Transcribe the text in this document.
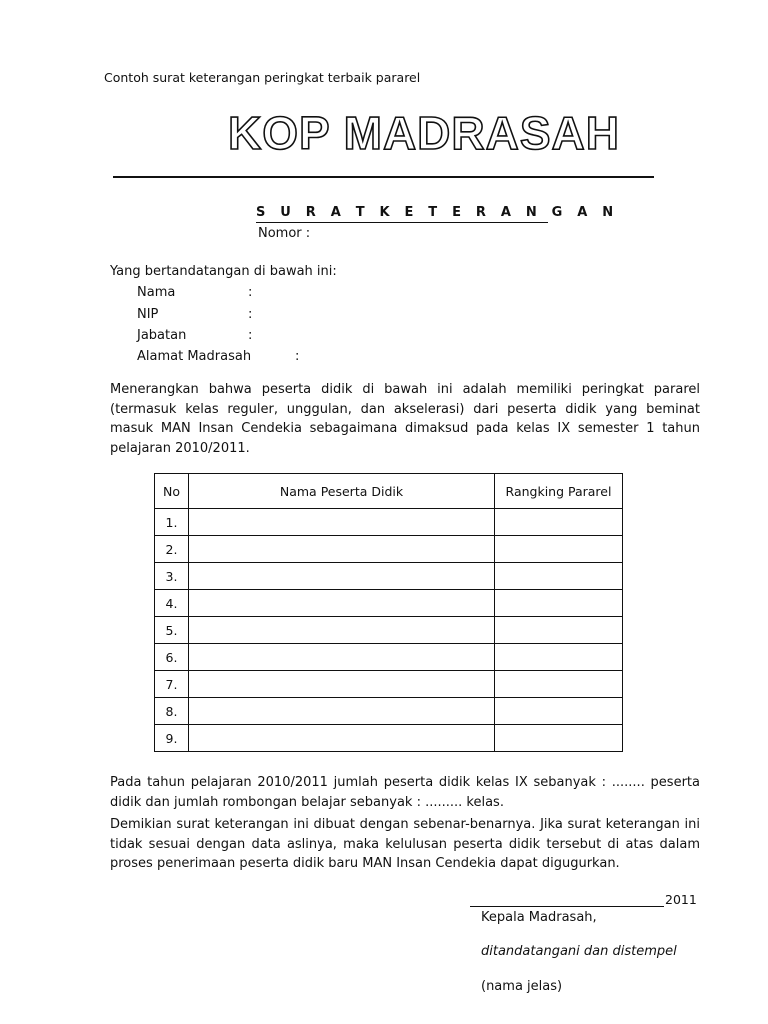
Contoh surat keterangan peringkat terbaik pararel
KOP MADRASAH
S U R A T K E T E R A N G A N
Nomor :
Yang bertandatangan di bawah ini:
Nama	:
NIP	:
Jabatan	:
Alamat Madrasah	:
Menerangkan bahwa peserta didik di bawah ini adalah memiliki peringkat pararel (termasuk kelas reguler, unggulan, dan akselerasi) dari peserta didik yang beminat masuk MAN Insan Cendekia sebagaimana dimaksud pada kelas IX semester 1 tahun pelajaran 2010/2011.
No	Nama Peserta Didik	Rangking Pararel
1.		
2.		
3.		
4.		
5.		
6.		
7.		
8.		
9.		
Pada tahun pelajaran 2010/2011 jumlah peserta didik kelas IX sebanyak : ........ peserta didik dan jumlah rombongan belajar sebanyak : ......... kelas.
Demikian surat keterangan ini dibuat dengan sebenar-benarnya. Jika surat keterangan ini tidak sesuai dengan data aslinya, maka kelulusan peserta didik tersebut di atas dalam proses penerimaan peserta didik baru MAN Insan Cendekia dapat digugurkan.
2011
Kepala Madrasah,
ditandatangani dan distempel
(nama jelas)
